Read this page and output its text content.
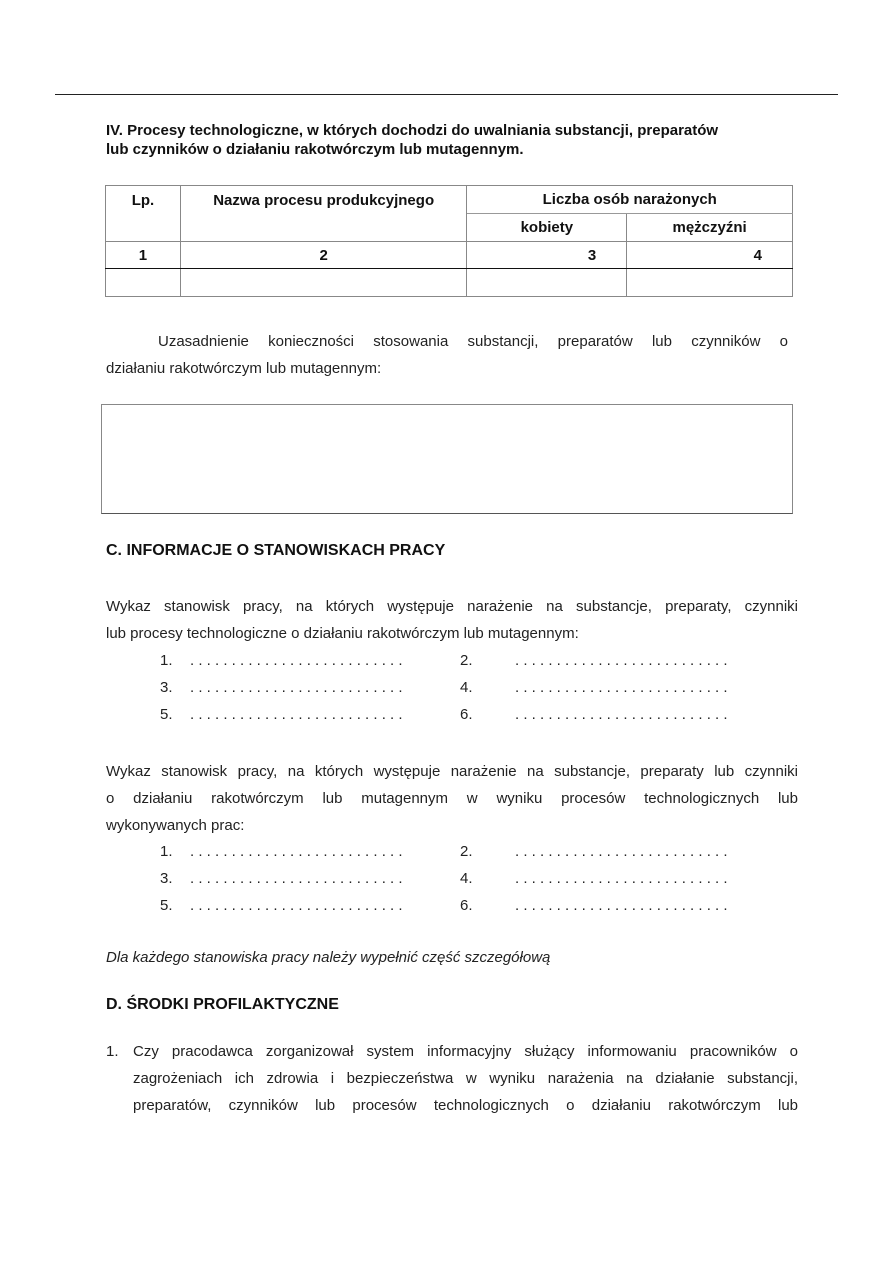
IV. Procesy technologiczne, w których dochodzi do uwalniania substancji, preparatów
lub czynników o działaniu rakotwórczym lub mutagennym.
Lp.	Nazwa procesu produkcyjnego	Liczba osób narażonych	
		kobiety	mężczyźni
1	2	3	4

Uzasadnienie konieczności stosowania substancji, preparatów lub czynników o
działaniu rakotwórczym lub mutagennym:
C. INFORMACJE O STANOWISKACH PRACY
Wykaz stanowisk pracy, na których występuje narażenie na substancje, preparaty, czynniki
lub procesy technologiczne o działaniu rakotwórczym lub mutagennym:
1. . . . . . . . . . . . . . . . . . . . . . . . . . .	2.	. . . . . . . . . . . . . . . . . . . . . . . . . .
3. . . . . . . . . . . . . . . . . . . . . . . . . . .	4.	. . . . . . . . . . . . . . . . . . . . . . . . . .
5. . . . . . . . . . . . . . . . . . . . . . . . . . .	6.	. . . . . . . . . . . . . . . . . . . . . . . . . .
Wykaz stanowisk pracy, na których występuje narażenie na substancje, preparaty lub czynniki
o działaniu rakotwórczym lub mutagennym w wyniku procesów technologicznych lub
wykonywanych prac:
1. . . . . . . . . . . . . . . . . . . . . . . . . . .	2.	. . . . . . . . . . . . . . . . . . . . . . . . . .
3. . . . . . . . . . . . . . . . . . . . . . . . . . .	4.	. . . . . . . . . . . . . . . . . . . . . . . . . .
5. . . . . . . . . . . . . . . . . . . . . . . . . . .	6.	. . . . . . . . . . . . . . . . . . . . . . . . . .
Dla każdego stanowiska pracy należy wypełnić część szczegółową
D. ŚRODKI PROFILAKTYCZNE
1. Czy pracodawca zorganizował system informacyjny służący informowaniu pracowników o
zagrożeniach ich zdrowia i bezpieczeństwa w wyniku narażenia na działanie substancji,
preparatów, czynników lub procesów technologicznych o działaniu rakotwórczym lub
